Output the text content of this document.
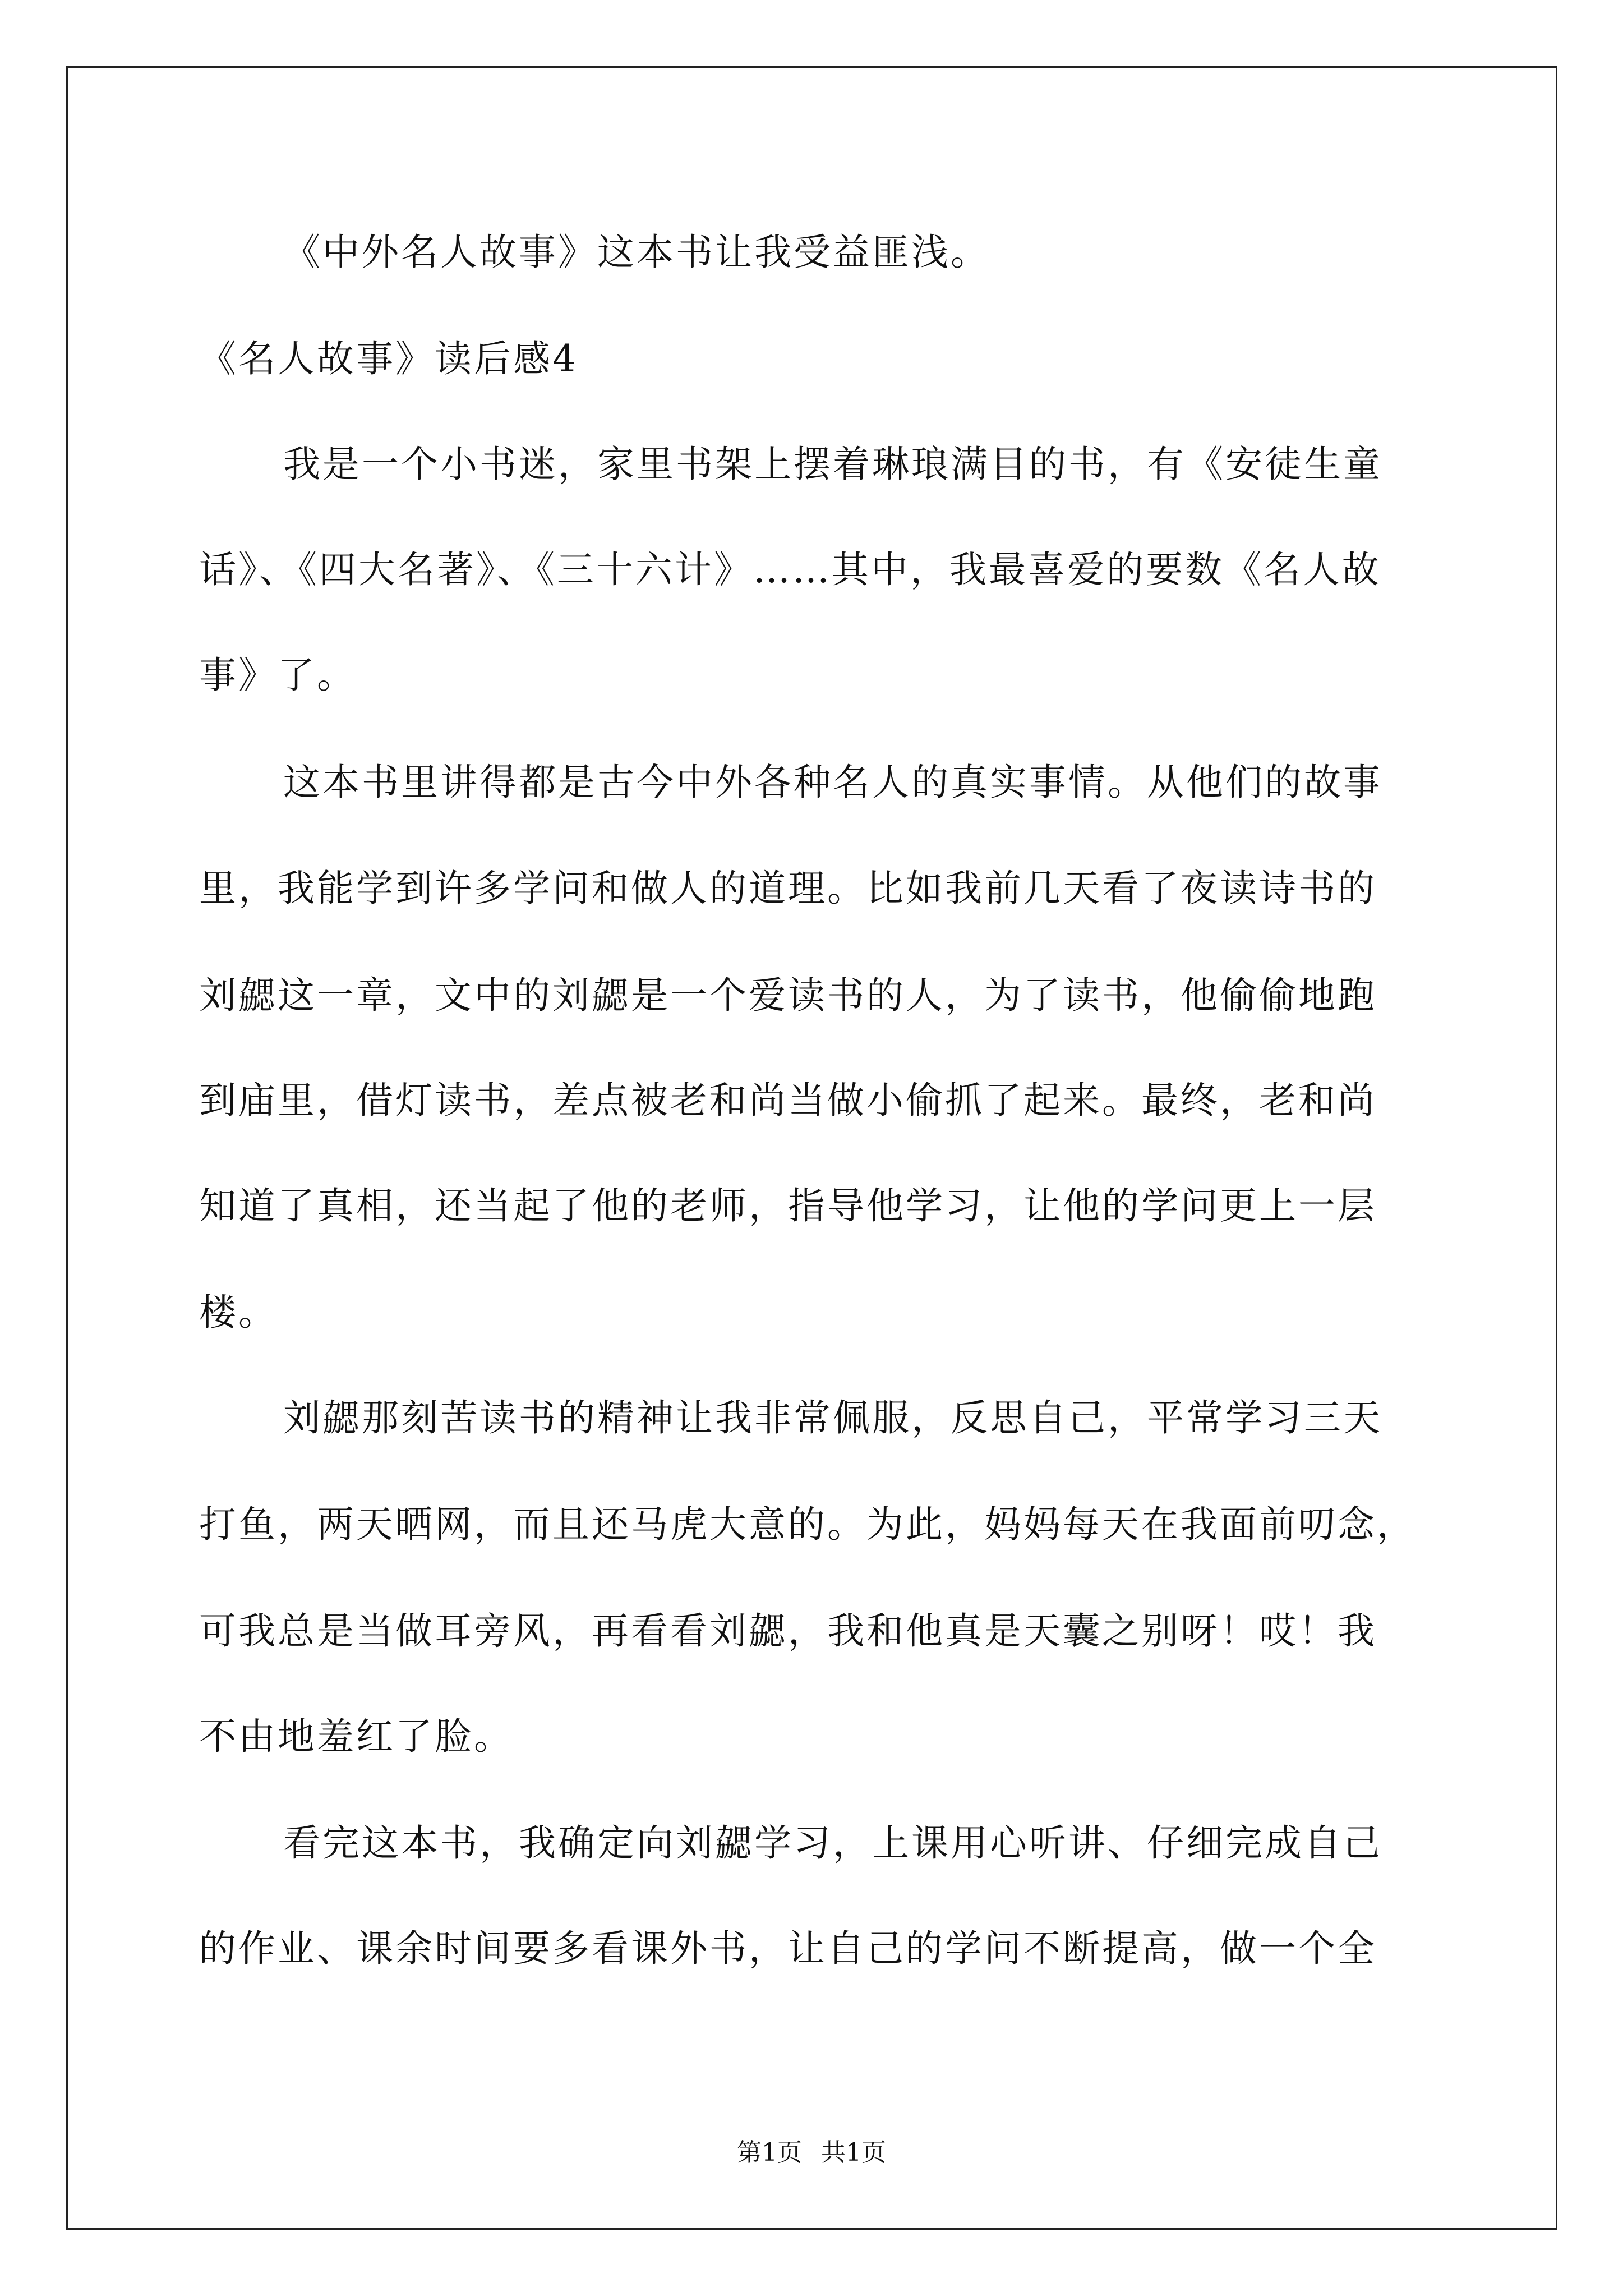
《中外名人故事》这本书让我受益匪浅。
《名人故事》读后感4
我是一个小书迷，家里书架上摆着琳琅满目的书，有《安徒生童
话》、《四大名著》、《三十六计》……其中，我最喜爱的要数《名人故
事》了。
这本书里讲得都是古今中外各种名人的真实事情。从他们的故事
里，我能学到许多学问和做人的道理。比如我前几天看了夜读诗书的
刘勰这一章，文中的刘勰是一个爱读书的人，为了读书，他偷偷地跑
到庙里，借灯读书，差点被老和尚当做小偷抓了起来。最终，老和尚
知道了真相，还当起了他的老师，指导他学习，让他的学问更上一层
楼。
刘勰那刻苦读书的精神让我非常佩服，反思自己，平常学习三天
打鱼，两天晒网，而且还马虎大意的。为此，妈妈每天在我面前叨念，
可我总是当做耳旁风，再看看刘勰，我和他真是天囊之别呀！哎！我
不由地羞红了脸。
看完这本书，我确定向刘勰学习，上课用心听讲、仔细完成自己
的作业、课余时间要多看课外书，让自己的学问不断提高，做一个全
第1页 共1页
